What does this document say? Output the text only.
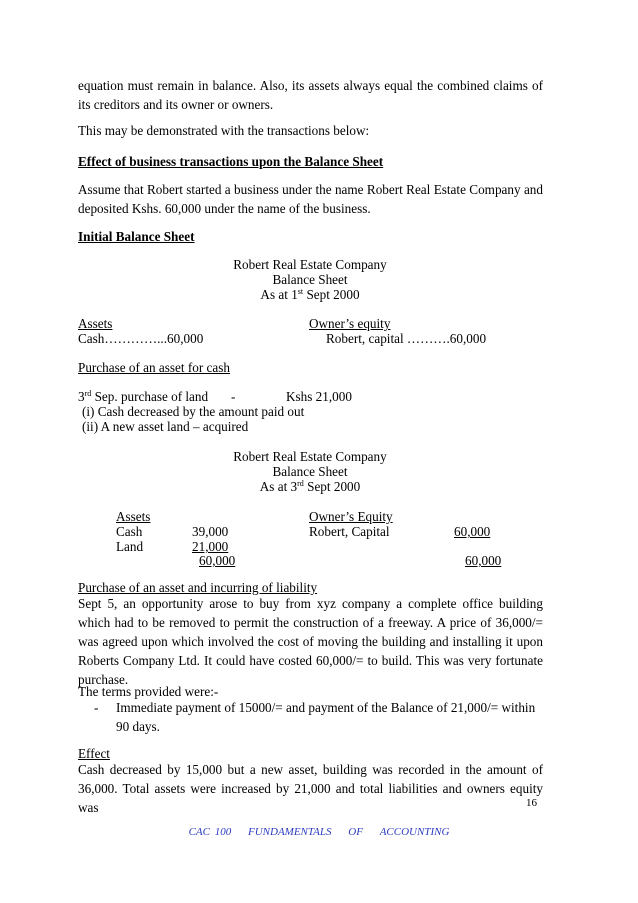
equation must remain in balance. Also, its assets always equal the combined claims of its creditors and its owner or owners.

This may be demonstrated with the transactions below:

Effect of business transactions upon the Balance Sheet

Assume that Robert started a business under the name Robert Real Estate Company and deposited Kshs. 60,000 under the name of the business.

Initial Balance Sheet

Robert Real Estate Company
Balance Sheet
As at 1st Sept 2000
Assets	Owner’s equity
Cash…………...60,000	Robert, capital ……….60,000
Purchase of an asset for cash
3rd Sep. purchase of land -	Kshs 21,000
(i) Cash decreased by the amount paid out
(ii) A new asset land – acquired
Robert Real Estate Company
Balance Sheet
As at 3rd Sept 2000
Assets	Owner’s Equity
Cash	39,000	Robert, Capital	60,000
Land	21,000
60,000	60,000
Purchase of an asset and incurring of liability

Sept 5, an opportunity arose to buy from xyz company a complete office building which had to be removed to permit the construction of a freeway. A price of 36,000/= was agreed upon which involved the cost of moving the building and installing it upon Roberts Company Ltd. It could have costed 60,000/= to build. This was very fortunate purchase.

The terms provided were:-
- Immediate payment of 15000/= and payment of the Balance of 21,000/= within 90 days.

Effect

Cash decreased by 15,000 but a new asset, building was recorded in the amount of 36,000. Total assets were increased by 21,000 and total liabilities and owners equity was	16
CAC 100 FUNDAMENTALS OF ACCOUNTING
